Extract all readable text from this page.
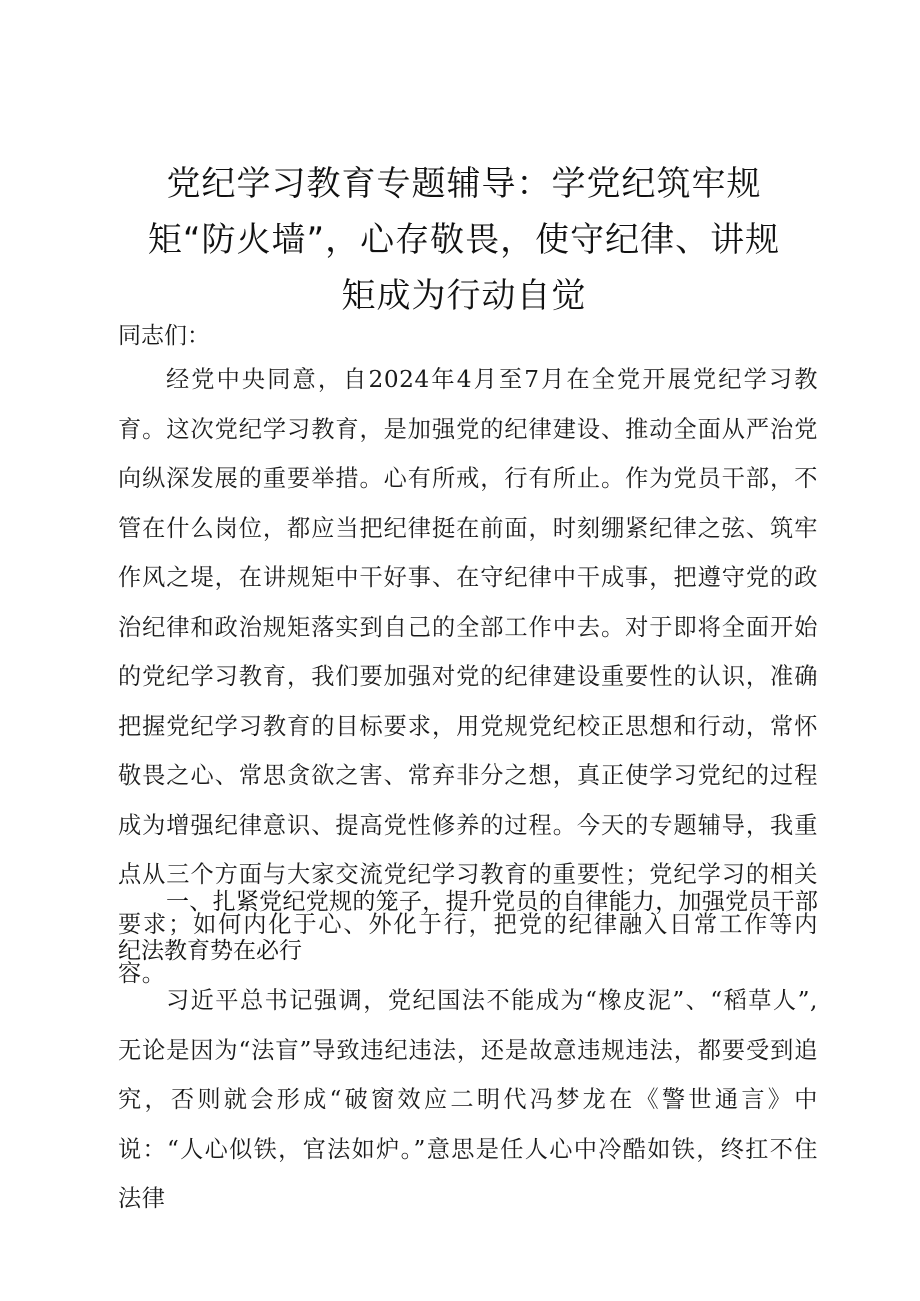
党纪学习教育专题辅导：学党纪筑牢规矩“防火墙”，心存敬畏，使守纪律、讲规矩成为行动自觉

同志们：

经党中央同意，自2024年4月至7月在全党开展党纪学习教育。这次党纪学习教育，是加强党的纪律建设、推动全面从严治党向纵深发展的重要举措。心有所戒，行有所止。作为党员干部，不管在什么岗位，都应当把纪律挺在前面，时刻绷紧纪律之弦、筑牢作风之堤，在讲规矩中干好事、在守纪律中干成事，把遵守党的政治纪律和政治规矩落实到自己的全部工作中去。对于即将全面开始的党纪学习教育，我们要加强对党的纪律建设重要性的认识，准确把握党纪学习教育的目标要求，用党规党纪校正思想和行动，常怀敬畏之心、常思贪欲之害、常弃非分之想，真正使学习党纪的过程成为增强纪律意识、提高党性修养的过程。今天的专题辅导，我重点从三个方面与大家交流党纪学习教育的重要性；党纪学习的相关要求；如何内化于心、外化于行，把党的纪律融入日常工作等内容。

一、扎紧党纪党规的笼子，提升党员的自律能力，加强党员干部纪法教育势在必行

习近平总书记强调，党纪国法不能成为“橡皮泥”、“稻草人”,无论是因为“法盲”导致违纪违法，还是故意违规违法，都要受到追究，否则就会形成“破窗效应二明代冯梦龙在《警世通言》中说：“人心似铁，官法如炉。”意思是任人心中冷酷如铁，终扛不住法律
